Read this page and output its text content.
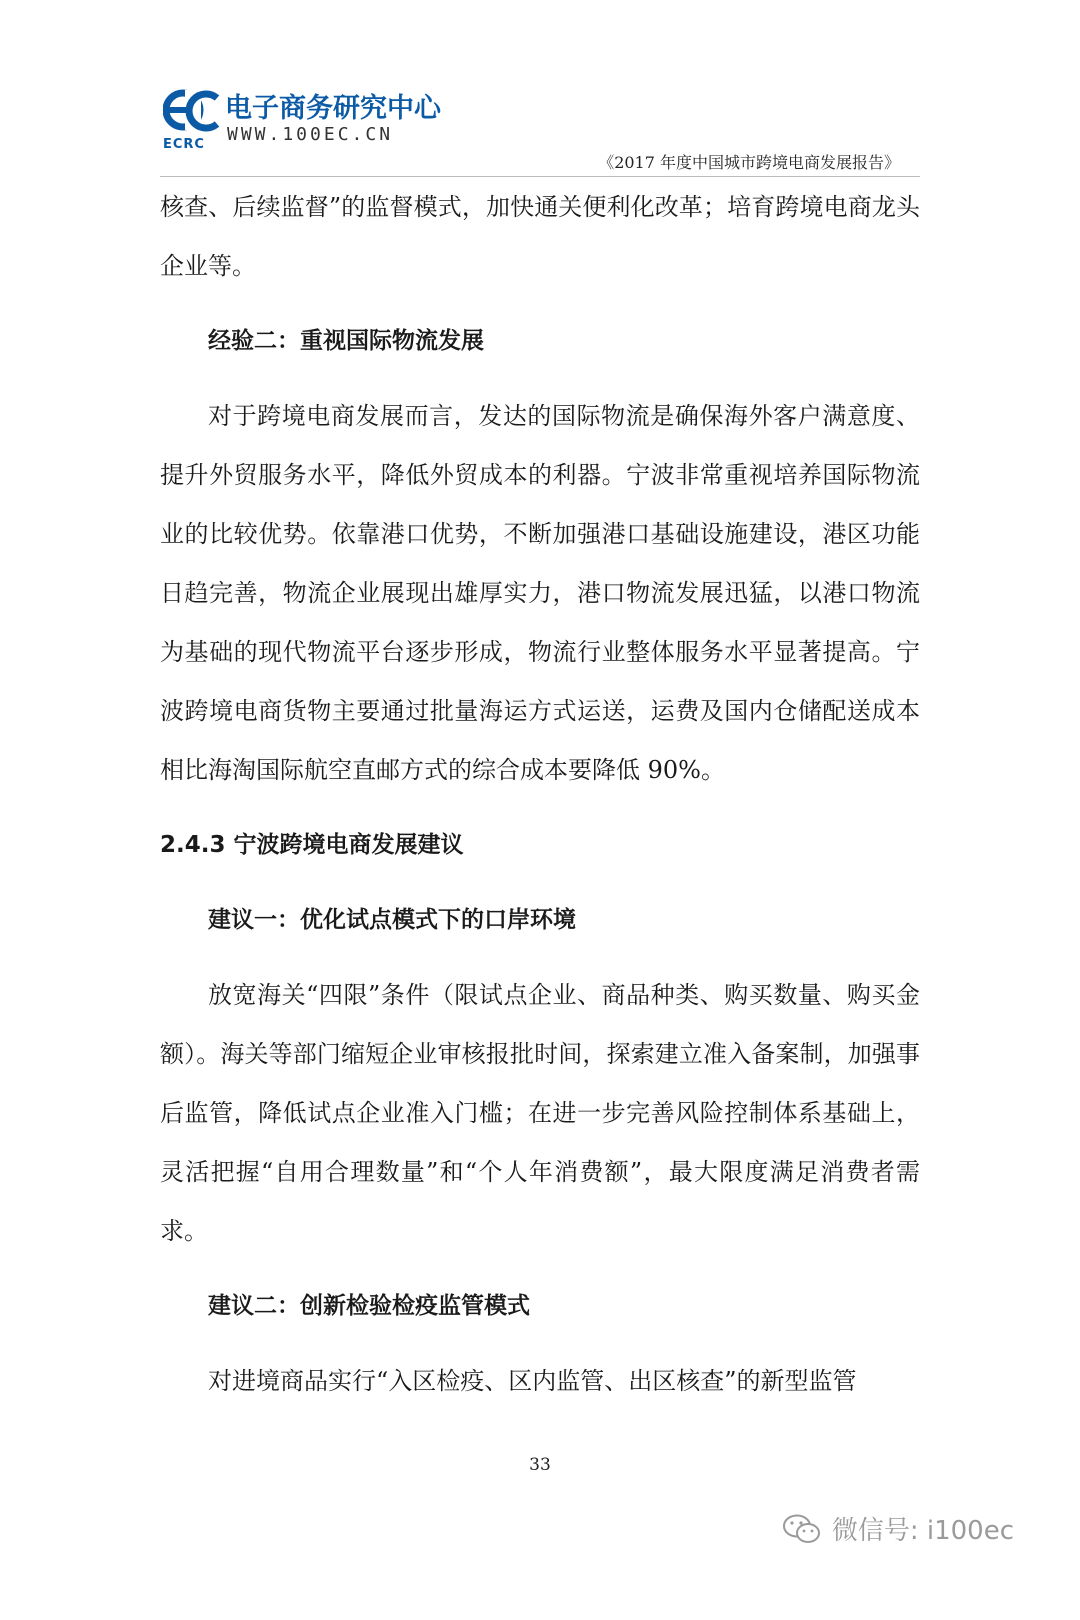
ECRC
电子商务研究中心
WWW.100EC.CN
《2017 年度中国城市跨境电商发展报告》

核查、后续监督”的监督模式，加快通关便利化改革；培育跨境电商龙头企业等。

经验二：重视国际物流发展

对于跨境电商发展而言，发达的国际物流是确保海外客户满意度、提升外贸服务水平，降低外贸成本的利器。宁波非常重视培养国际物流业的比较优势。依靠港口优势，不断加强港口基础设施建设，港区功能日趋完善，物流企业展现出雄厚实力，港口物流发展迅猛，以港口物流为基础的现代物流平台逐步形成，物流行业整体服务水平显著提高。宁波跨境电商货物主要通过批量海运方式运送，运费及国内仓储配送成本相比海淘国际航空直邮方式的综合成本要降低 90%。

2.4.3 宁波跨境电商发展建议

建议一：优化试点模式下的口岸环境

放宽海关“四限”条件（限试点企业、商品种类、购买数量、购买金额）。海关等部门缩短企业审核报批时间，探索建立准入备案制，加强事后监管，降低试点企业准入门槛；在进一步完善风险控制体系基础上，灵活把握“自用合理数量”和“个人年消费额”，最大限度满足消费者需求。

建议二：创新检验检疫监管模式

对进境商品实行“入区检疫、区内监管、出区核查”的新型监管

33
微信号: i100ec
